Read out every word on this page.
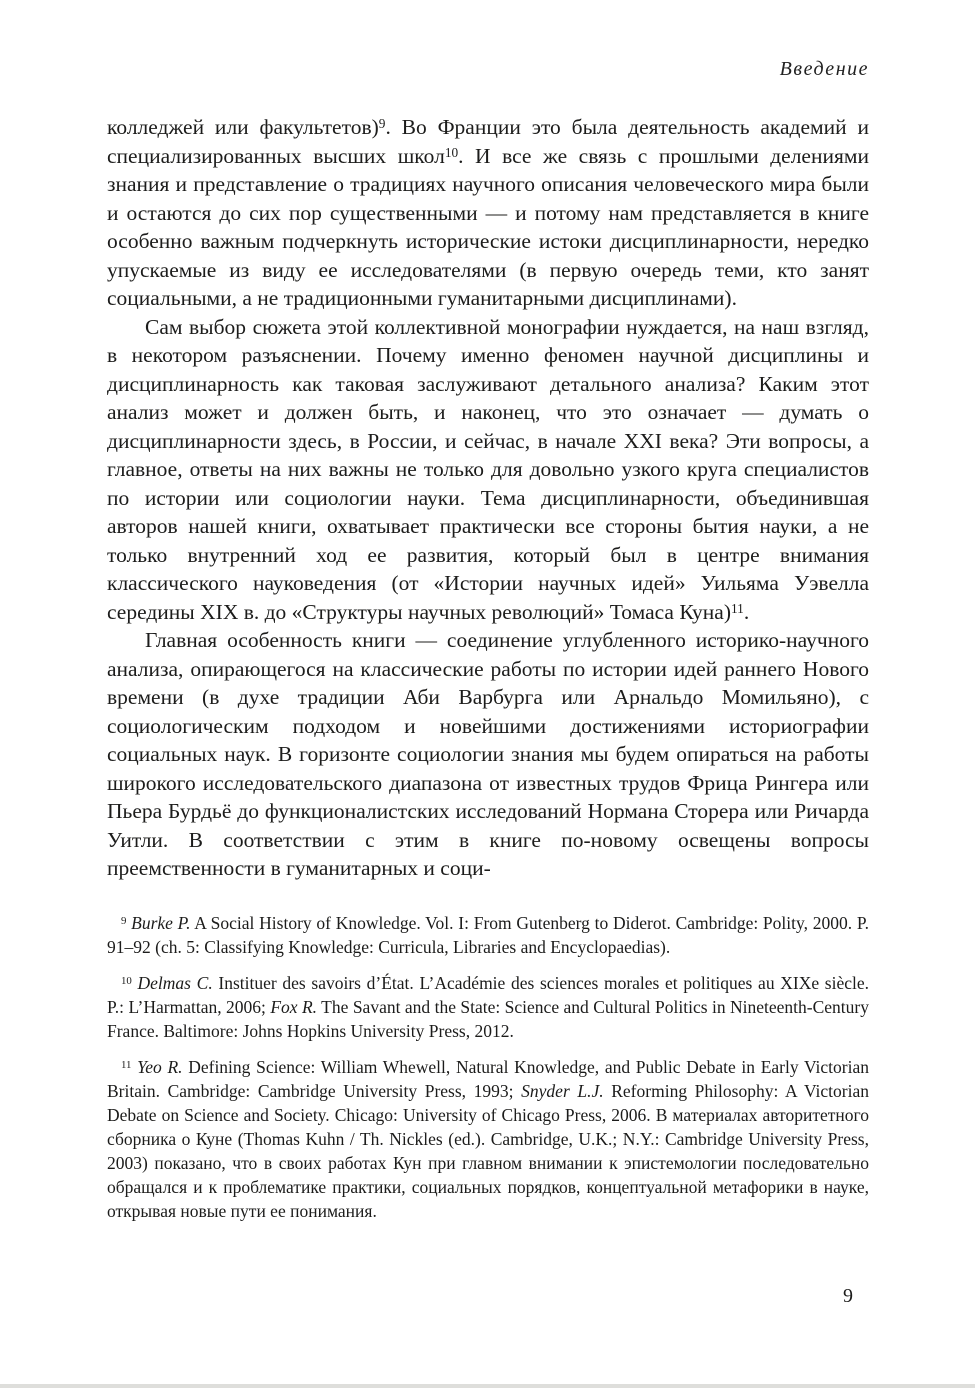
Введение

колледжей или факультетов)$^9$. Во Франции это была деятельность академий и специализированных высших школ$^{10}$. И все же связь с прошлыми делениями знания и представление о традициях научного описания человеческого мира были и остаются до сих пор существенными — и потому нам представляется в книге особенно важным подчеркнуть исторические истоки дисциплинарности, нередко упускаемые из виду ее исследователями (в первую очередь теми, кто занят социальными, а не традиционными гуманитарными дисциплинами).

Сам выбор сюжета этой коллективной монографии нуждается, на наш взгляд, в некотором разъяснении. Почему именно феномен научной дисциплины и дисциплинарность как таковая заслуживают детального анализа? Каким этот анализ может и должен быть, и наконец, что это означает — думать о дисциплинарности здесь, в России, и сейчас, в начале XXI века? Эти вопросы, а главное, ответы на них важны не только для довольно узкого круга специалистов по истории или социологии науки. Тема дисциплинарности, объединившая авторов нашей книги, охватывает практически все стороны бытия науки, а не только внутренний ход ее развития, который был в центре внимания классического науковедения (от «Истории научных идей» Уильяма Уэвелла середины XIX в. до «Структуры научных революций» Томаса Куна)$^{11}$.

Главная особенность книги — соединение углубленного историко-научного анализа, опирающегося на классические работы по истории идей раннего Нового времени (в духе традиции Аби Варбурга или Арнальдо Момильяно), с социологическим подходом и новейшими достижениями историографии социальных наук. В горизонте социологии знания мы будем опираться на работы широкого исследовательского диапазона от известных трудов Фрица Рингера или Пьера Бурдьё до функционалистских исследований Нормана Сторера или Ричарда Уитли. В соответствии с этим в книге по-новому освещены вопросы преемственности в гуманитарных и соци-

$^9$ Burke P. A Social History of Knowledge. Vol. I: From Gutenberg to Diderot. Cambridge: Polity, 2000. P. 91–92 (ch. 5: Classifying Knowledge: Curricula, Libraries and Encyclopaedias).

$^{10}$ Delmas C. Instituer des savoirs d’État. L’Académie des sciences morales et politiques au XIXe siècle. P.: L’Harmattan, 2006; Fox R. The Savant and the State: Science and Cultural Politics in Nineteenth-Century France. Baltimore: Johns Hopkins University Press, 2012.

$^{11}$ Yeo R. Defining Science: William Whewell, Natural Knowledge, and Public Debate in Early Victorian Britain. Cambridge: Cambridge University Press, 1993; Snyder L.J. Reforming Philosophy: A Victorian Debate on Science and Society. Chicago: University of Chicago Press, 2006. В материалах авторитетного сборника о Куне (Thomas Kuhn / Th. Nickles (ed.). Cambridge, U.K.; N.Y.: Cambridge University Press, 2003) показано, что в своих работах Кун при главном внимании к эпистемологии последовательно обращался и к проблематике практики, социальных порядков, концептуальной метафорики в науке, открывая новые пути ее понимания.

9
